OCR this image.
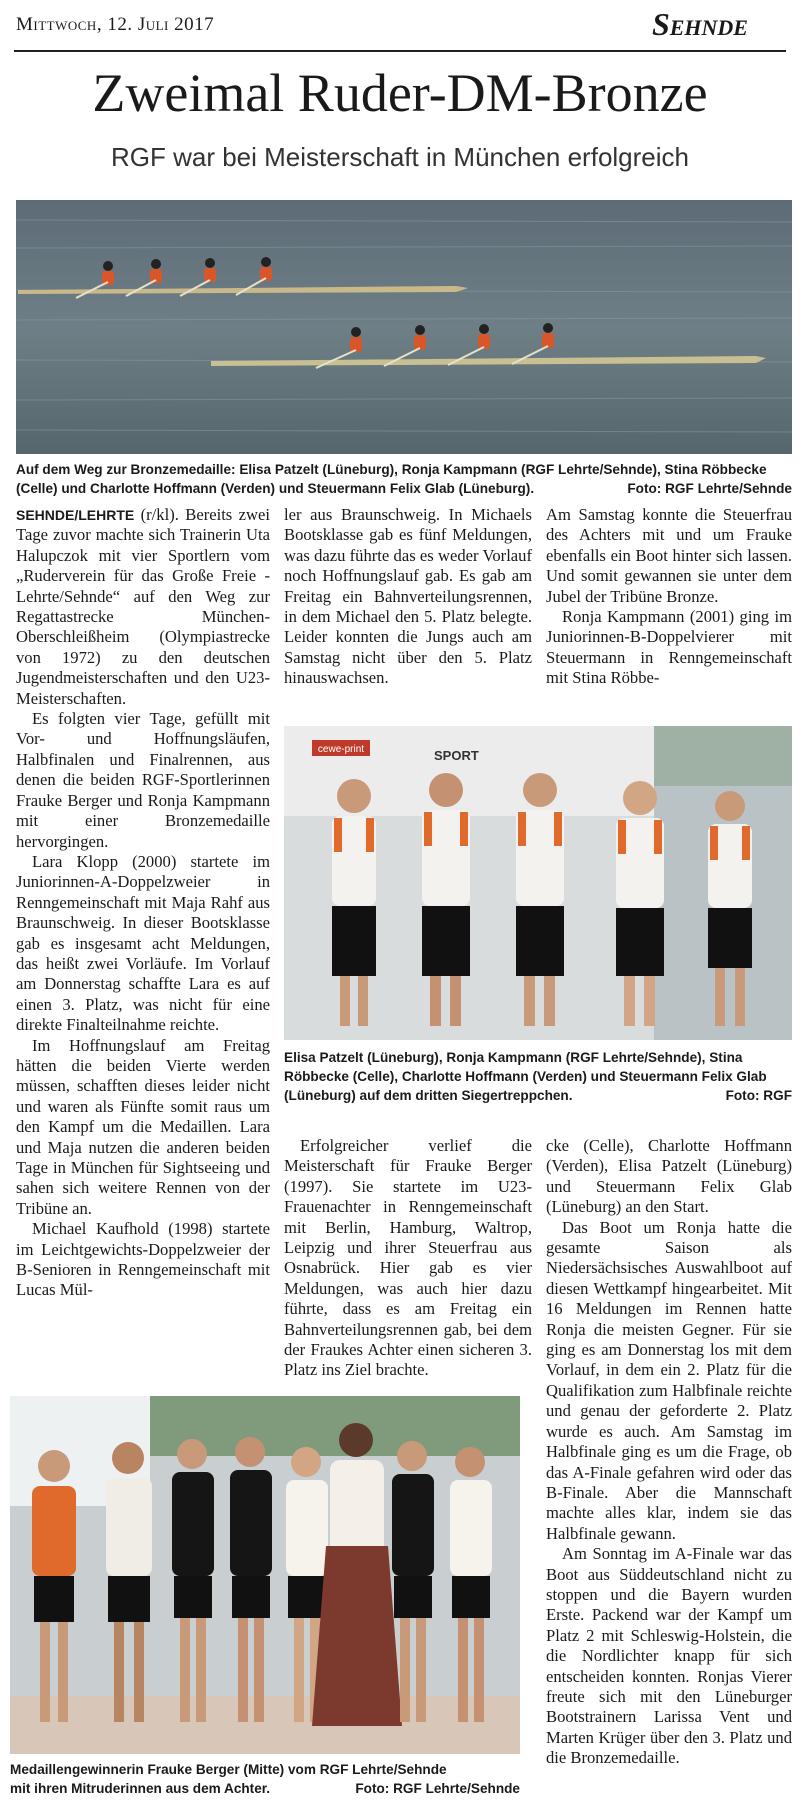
Mittwoch, 12. Juli 2017	Sehnde
Zweimal Ruder-DM-Bronze
RGF war bei Meisterschaft in München erfolgreich
Auf dem Weg zur Bronzemedaille: Elisa Patzelt (Lüneburg), Ronja Kampmann (RGF Lehrte/Sehnde), Stina Röbbecke (Celle) und Charlotte Hoffmann (Verden) und Steuermann Felix Glab (Lüneburg).	Foto: RGF Lehrte/Sehnde

SEHNDE/LEHRTE (r/kl). Bereits zwei Tage zuvor machte sich Trainerin Uta Halupczok mit vier Sportlern vom „Ruderverein für das Große Freie - Lehrte/Sehnde“ auf den Weg zur Regattastrecke München-Oberschleißheim (Olympiastrecke von 1972) zu den deutschen Jugendmeisterschaften und den U23-Meisterschaften.

Es folgten vier Tage, gefüllt mit Vor- und Hoffnungsläufen, Halbfinalen und Finalrennen, aus denen die beiden RGF-Sportlerinnen Frauke Berger und Ronja Kampmann mit einer Bronzemedaille hervorgingen.

Lara Klopp (2000) startete im Juniorinnen-A-Doppelzweier in Renngemeinschaft mit Maja Rahf aus Braunschweig. In dieser Bootsklasse gab es insgesamt acht Meldungen, das heißt zwei Vorläufe. Im Vorlauf am Donnerstag schaffte Lara es auf einen 3. Platz, was nicht für eine direkte Finalteilnahme reichte.

Im Hoffnungslauf am Freitag hätten die beiden Vierte werden müssen, schafften dieses leider nicht und waren als Fünfte somit raus um den Kampf um die Medaillen. Lara und Maja nutzen die anderen beiden Tage in München für Sightseeing und sahen sich weitere Rennen von der Tribüne an.

Michael Kaufhold (1998) startete im Leichtgewichts-Doppelzweier der B-Senioren in Renngemeinschaft mit Lucas Mül-

ler aus Braunschweig. In Michaels Bootsklasse gab es fünf Meldungen, was dazu führte das es weder Vorlauf noch Hoffnungslauf gab. Es gab am Freitag ein Bahnverteilungsrennen, in dem Michael den 5. Platz belegte. Leider konnten die Jungs auch am Samstag nicht über den 5. Platz hinauswachsen.

Am Samstag konnte die Steuerfrau des Achters mit und um Frauke ebenfalls ein Boot hinter sich lassen. Und somit gewannen sie unter dem Jubel der Tribüne Bronze.

Ronja Kampmann (2001) ging im Juniorinnen-B-Doppelvierer mit Steuermann in Renngemeinschaft mit Stina Röbbe-

cewe-print	SPORT
Elisa Patzelt (Lüneburg), Ronja Kampmann (RGF Lehrte/Sehnde), Stina Röbbecke (Celle), Charlotte Hoffmann (Verden) und Steuermann Felix Glab (Lüneburg) auf dem dritten Siegertreppchen.	Foto: RGF

Erfolgreicher verlief die Meisterschaft für Frauke Berger (1997). Sie startete im U23-Frauenachter in Renngemeinschaft mit Berlin, Hamburg, Waltrop, Leipzig und ihrer Steuerfrau aus Osnabrück. Hier gab es vier Meldungen, was auch hier dazu führte, dass es am Freitag ein Bahnverteilungsrennen gab, bei dem der Fraukes Achter einen sicheren 3. Platz ins Ziel brachte.

cke (Celle), Charlotte Hoffmann (Verden), Elisa Patzelt (Lüneburg) und Steuermann Felix Glab (Lüneburg) an den Start.

Das Boot um Ronja hatte die gesamte Saison als Niedersächsisches Auswahlboot auf diesen Wettkampf hingearbeitet. Mit 16 Meldungen im Rennen hatte Ronja die meisten Gegner. Für sie ging es am Donnerstag los mit dem Vorlauf, in dem ein 2. Platz für die Qualifikation zum Halbfinale reichte und genau der geforderte 2. Platz wurde es auch. Am Samstag im Halbfinale ging es um die Frage, ob das A-Finale gefahren wird oder das B-Finale. Aber die Mannschaft machte alles klar, indem sie das Halbfinale gewann.

Am Sonntag im A-Finale war das Boot aus Süddeutschland nicht zu stoppen und die Bayern wurden Erste. Packend war der Kampf um Platz 2 mit Schleswig-Holstein, die die Nordlichter knapp für sich entscheiden konnten. Ronjas Vierer freute sich mit den Lüneburger Bootstrainern Larissa Vent und Marten Krüger über den 3. Platz und die Bronzemedaille.

Medaillengewinnerin Frauke Berger (Mitte) vom RGF Lehrte/Sehnde
mit ihren Mitruderinnen aus dem Achter.	Foto: RGF Lehrte/Sehnde
